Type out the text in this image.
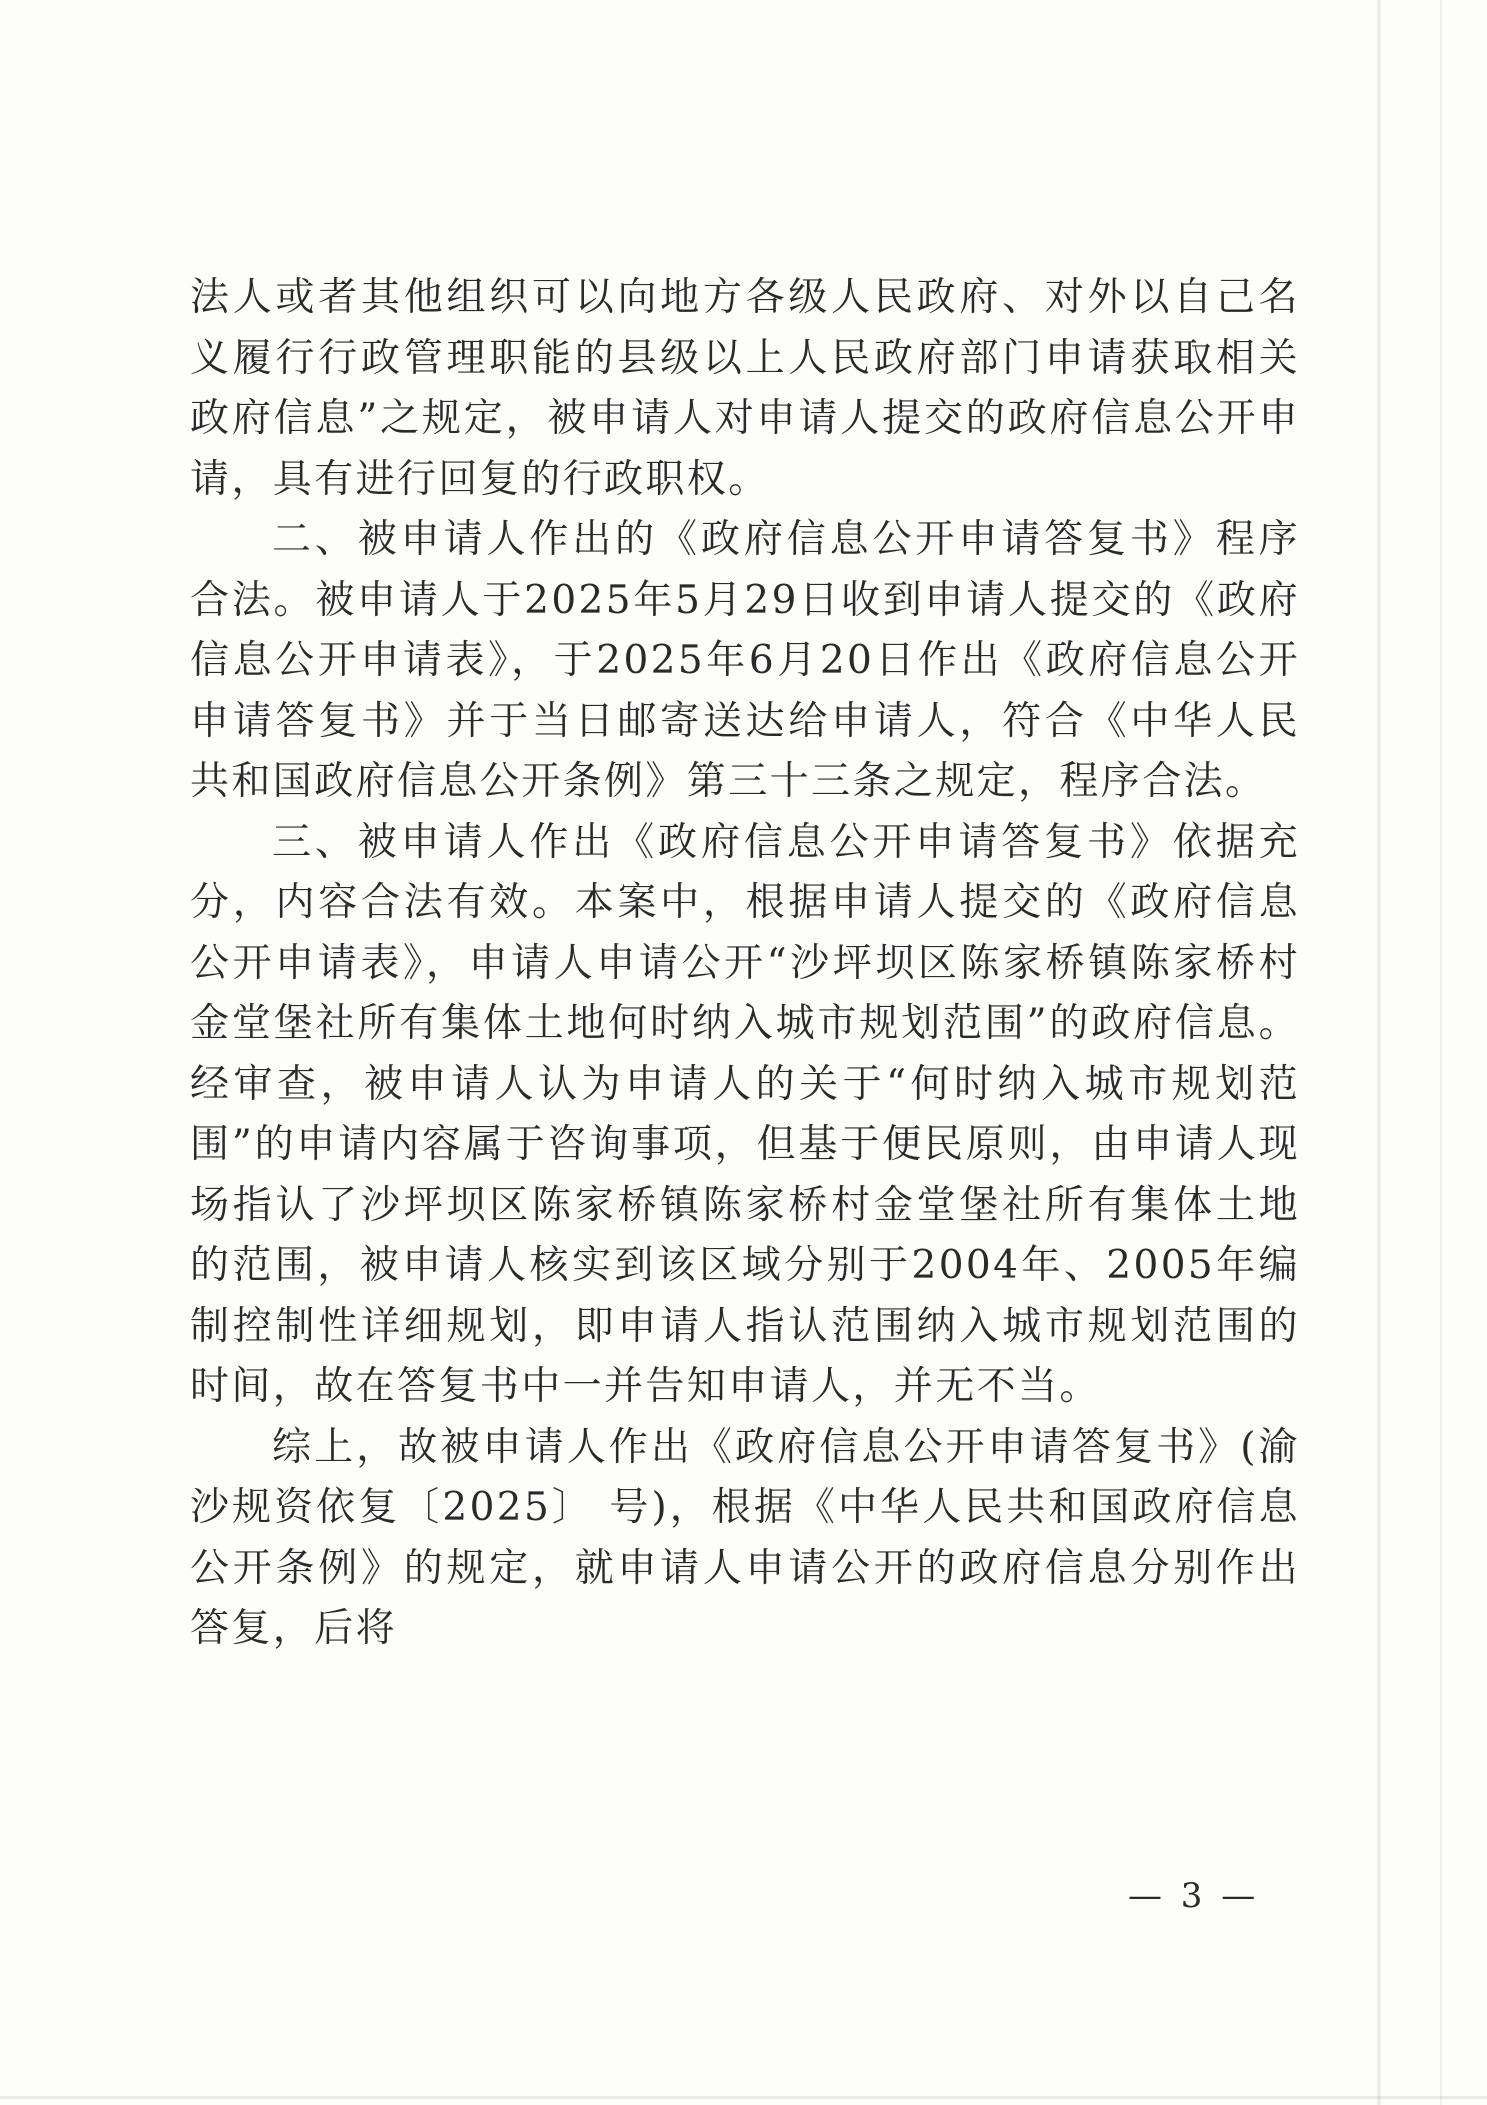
法人或者其他组织可以向地方各级人民政府、对外以自己名义履行行政管理职能的县级以上人民政府部门申请获取相关政府信息”之规定，被申请人对申请人提交的政府信息公开申请，具有进行回复的行政职权。

二、被申请人作出的《政府信息公开申请答复书》程序合法。被申请人于2025年5月29日收到申请人提交的《政府信息公开申请表》，于2025年6月20日作出《政府信息公开申请答复书》并于当日邮寄送达给申请人，符合《中华人民共和国政府信息公开条例》第三十三条之规定，程序合法。

三、被申请人作出《政府信息公开申请答复书》依据充分，内容合法有效。本案中，根据申请人提交的《政府信息公开申请表》，申请人申请公开“沙坪坝区陈家桥镇陈家桥村金堂堡社所有集体土地何时纳入城市规划范围”的政府信息。经审查，被申请人认为申请人的关于“何时纳入城市规划范围”的申请内容属于咨询事项，但基于便民原则，由申请人现场指认了沙坪坝区陈家桥镇陈家桥村金堂堡社所有集体土地的范围，被申请人核实到该区域分别于2004年、2005年编制控制性详细规划，即申请人指认范围纳入城市规划范围的时间，故在答复书中一并告知申请人，并无不当。

综上，故被申请人作出《政府信息公开申请答复书》(渝沙规资依复〔2025〕 号)，根据《中华人民共和国政府信息公开条例》的规定，就申请人申请公开的政府信息分别作出答复，后将

— 3 —
